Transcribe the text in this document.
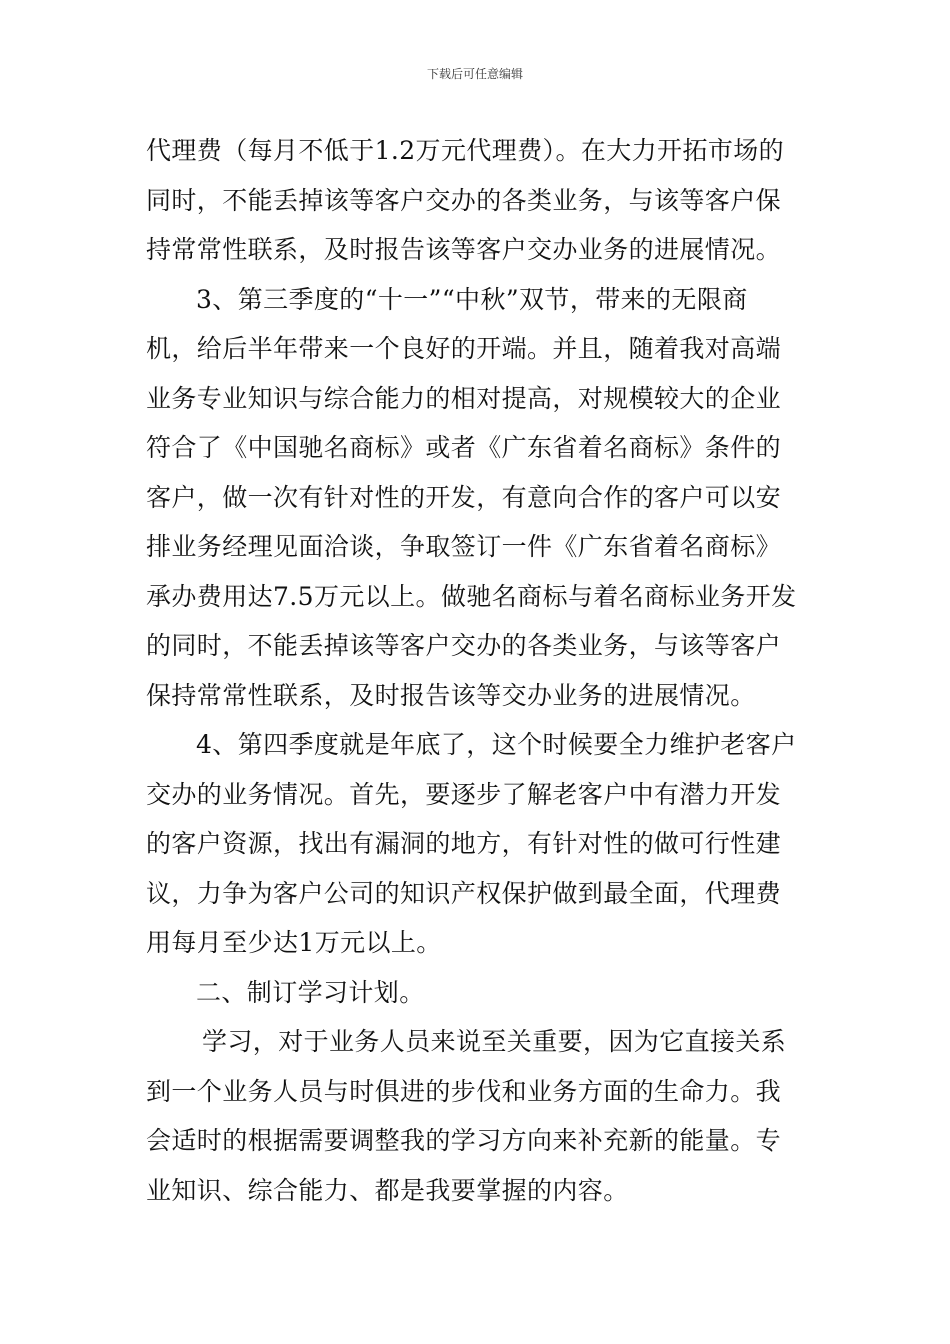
下载后可任意编辑
代理费（每月不低于1.2万元代理费）。在大力开拓市场的
同时，不能丢掉该等客户交办的各类业务，与该等客户保
持常常性联系，及时报告该等客户交办业务的进展情况。
3、第三季度的“十一”“中秋”双节，带来的无限商
机，给后半年带来一个良好的开端。并且，随着我对高端
业务专业知识与综合能力的相对提高，对规模较大的企业
符合了《中国驰名商标》或者《广东省着名商标》条件的
客户，做一次有针对性的开发，有意向合作的客户可以安
排业务经理见面洽谈，争取签订一件《广东省着名商标》
承办费用达7.5万元以上。做驰名商标与着名商标业务开发
的同时，不能丢掉该等客户交办的各类业务，与该等客户
保持常常性联系，及时报告该等交办业务的进展情况。
4、第四季度就是年底了，这个时候要全力维护老客户
交办的业务情况。首先，要逐步了解老客户中有潜力开发
的客户资源，找出有漏洞的地方，有针对性的做可行性建
议，力争为客户公司的知识产权保护做到最全面，代理费
用每月至少达1万元以上。
二、制订学习计划。
学习，对于业务人员来说至关重要，因为它直接关系
到一个业务人员与时俱进的步伐和业务方面的生命力。我
会适时的根据需要调整我的学习方向来补充新的能量。专
业知识、综合能力、都是我要掌握的内容。
